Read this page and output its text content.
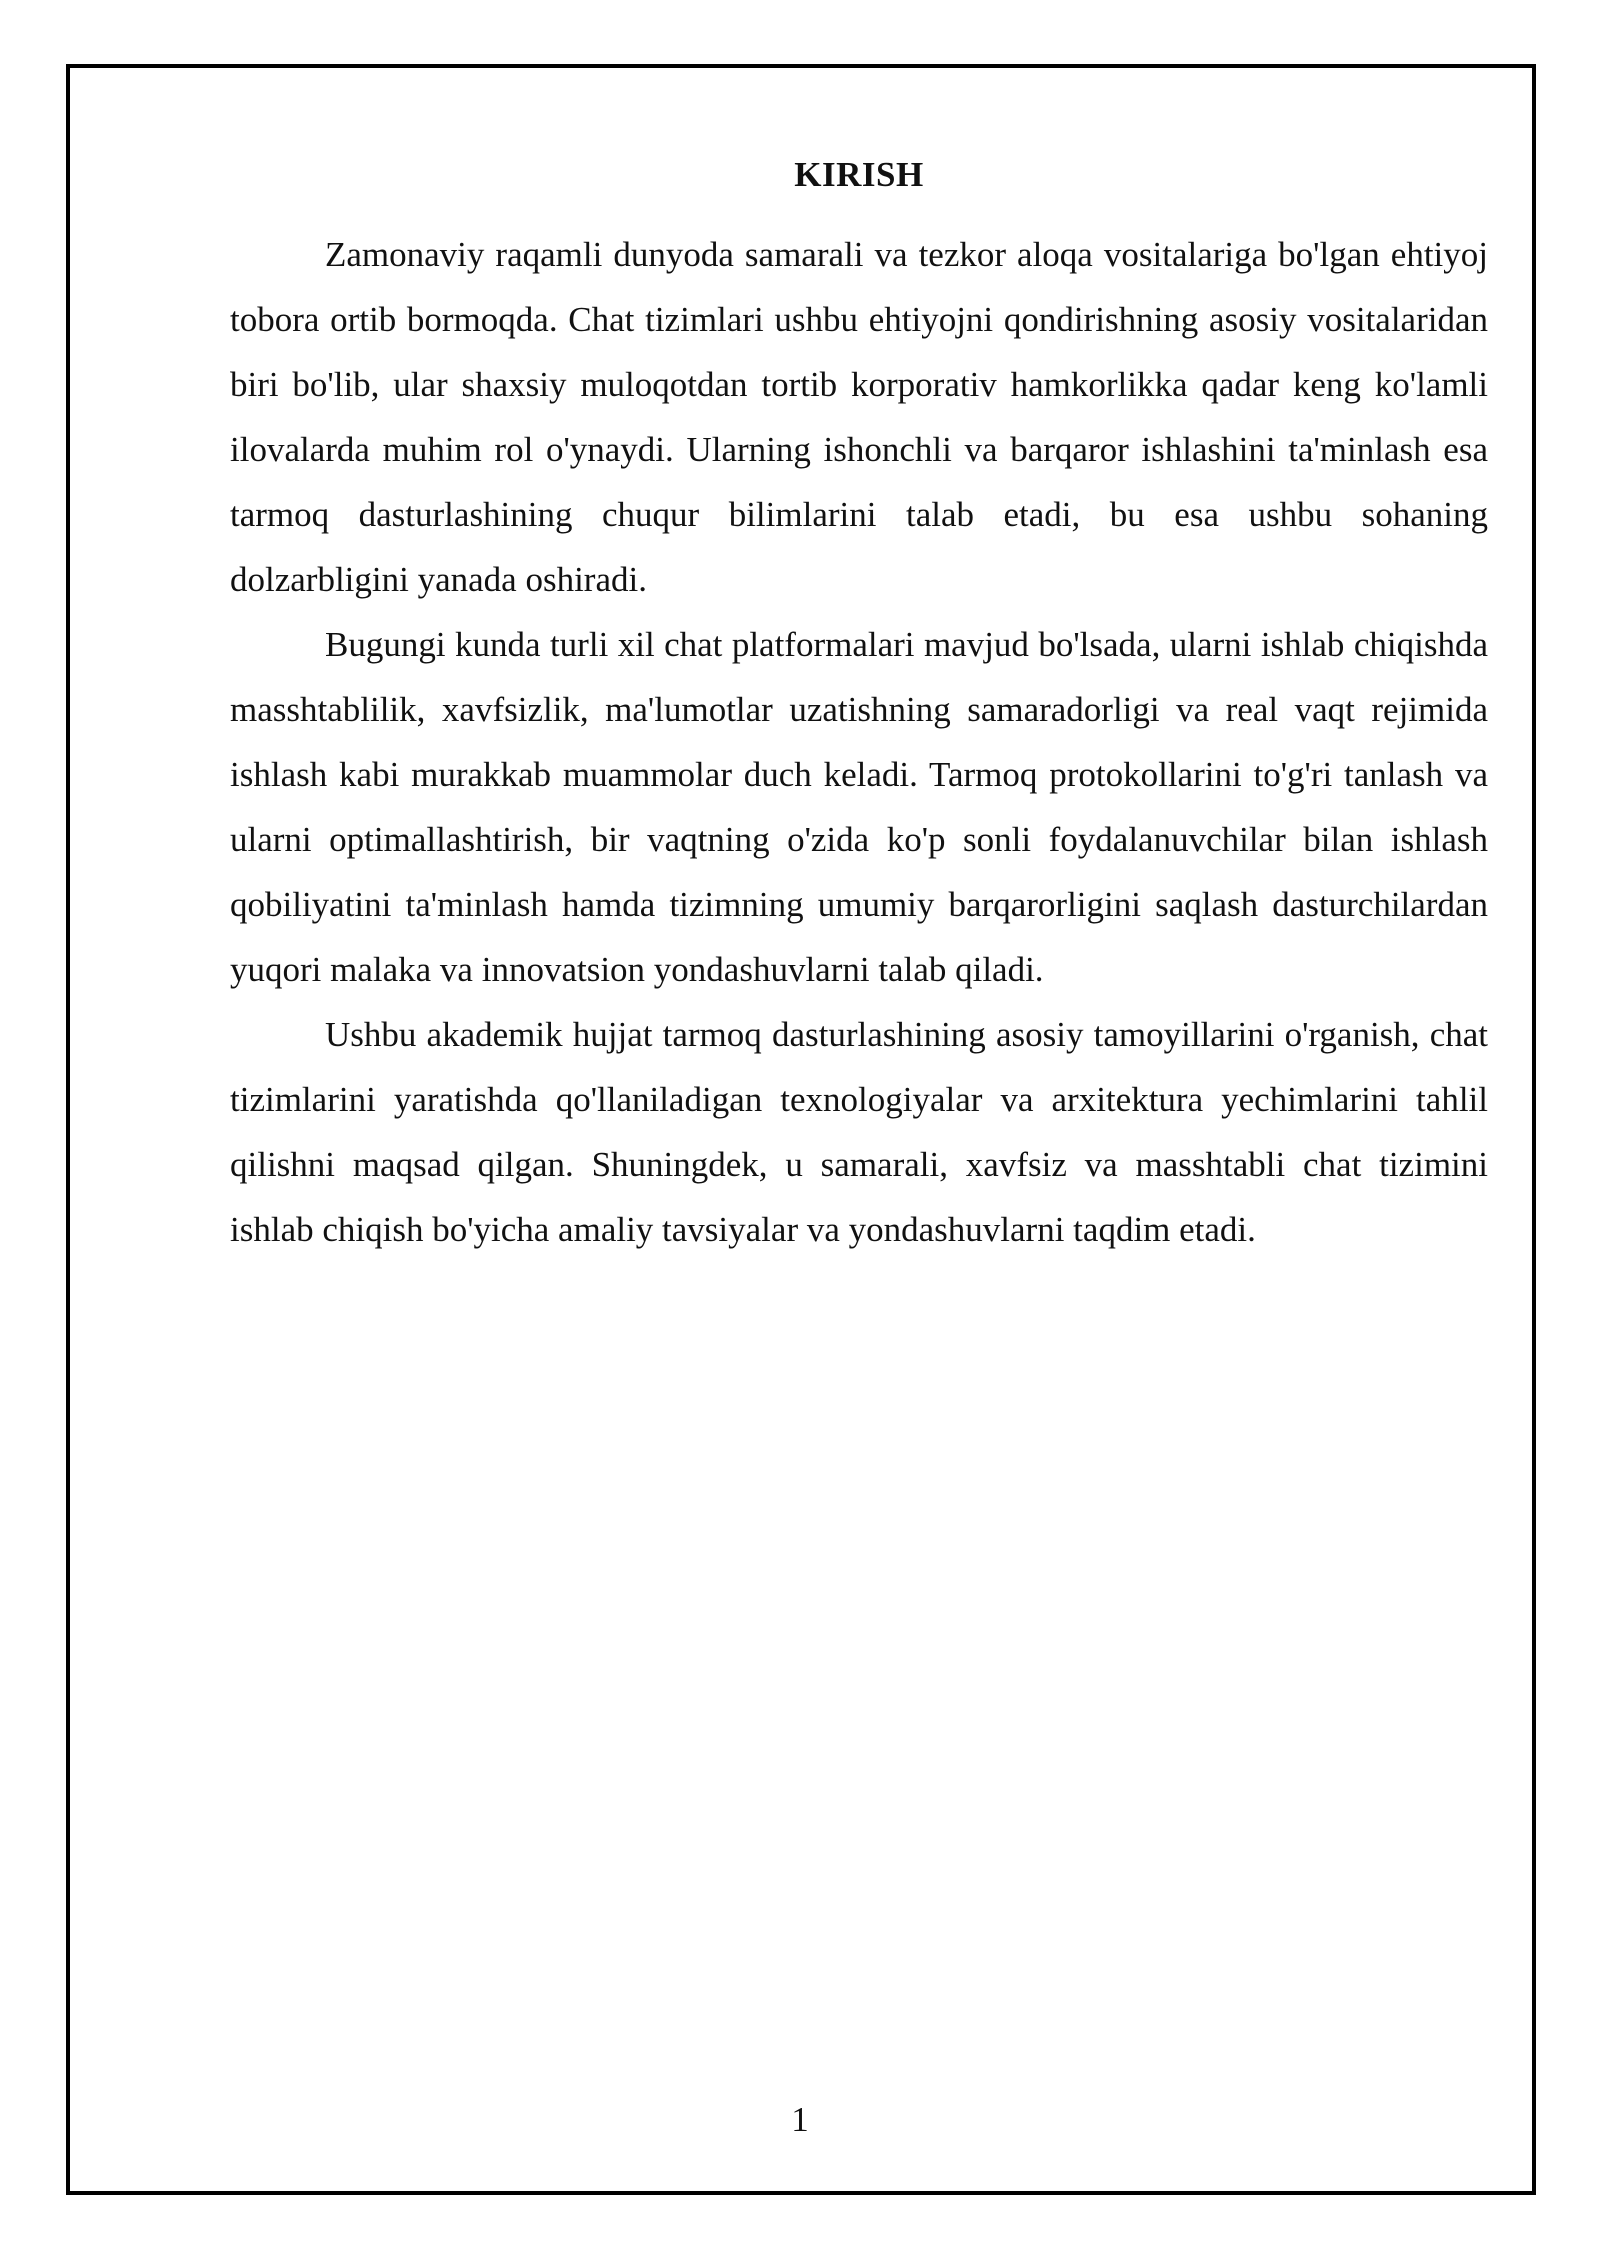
KIRISH

Zamonaviy raqamli dunyoda samarali va tezkor aloqa vositalariga bo'lgan ehtiyoj tobora ortib bormoqda. Chat tizimlari ushbu ehtiyojni qondirishning asosiy vositalaridan biri bo'lib, ular shaxsiy muloqotdan tortib korporativ hamkorlikka qadar keng ko'lamli ilovalarda muhim rol o'ynaydi. Ularning ishonchli va barqaror ishlashini ta'minlash esa tarmoq dasturlashining chuqur bilimlarini talab etadi, bu esa ushbu sohaning dolzarbligini yanada oshiradi.

Bugungi kunda turli xil chat platformalari mavjud bo'lsada, ularni ishlab chiqishda masshtablilik, xavfsizlik, ma'lumotlar uzatishning samaradorligi va real vaqt rejimida ishlash kabi murakkab muammolar duch keladi. Tarmoq protokollarini to'g'ri tanlash va ularni optimallashtirish, bir vaqtning o'zida ko'p sonli foydalanuvchilar bilan ishlash qobiliyatini ta'minlash hamda tizimning umumiy barqarorligini saqlash dasturchilardan yuqori malaka va innovatsion yondashuvlarni talab qiladi.

Ushbu akademik hujjat tarmoq dasturlashining asosiy tamoyillarini o'rganish, chat tizimlarini yaratishda qo'llaniladigan texnologiyalar va arxitektura yechimlarini tahlil qilishni maqsad qilgan. Shuningdek, u samarali, xavfsiz va masshtabli chat tizimini ishlab chiqish bo'yicha amaliy tavsiyalar va yondashuvlarni taqdim etadi.

1
